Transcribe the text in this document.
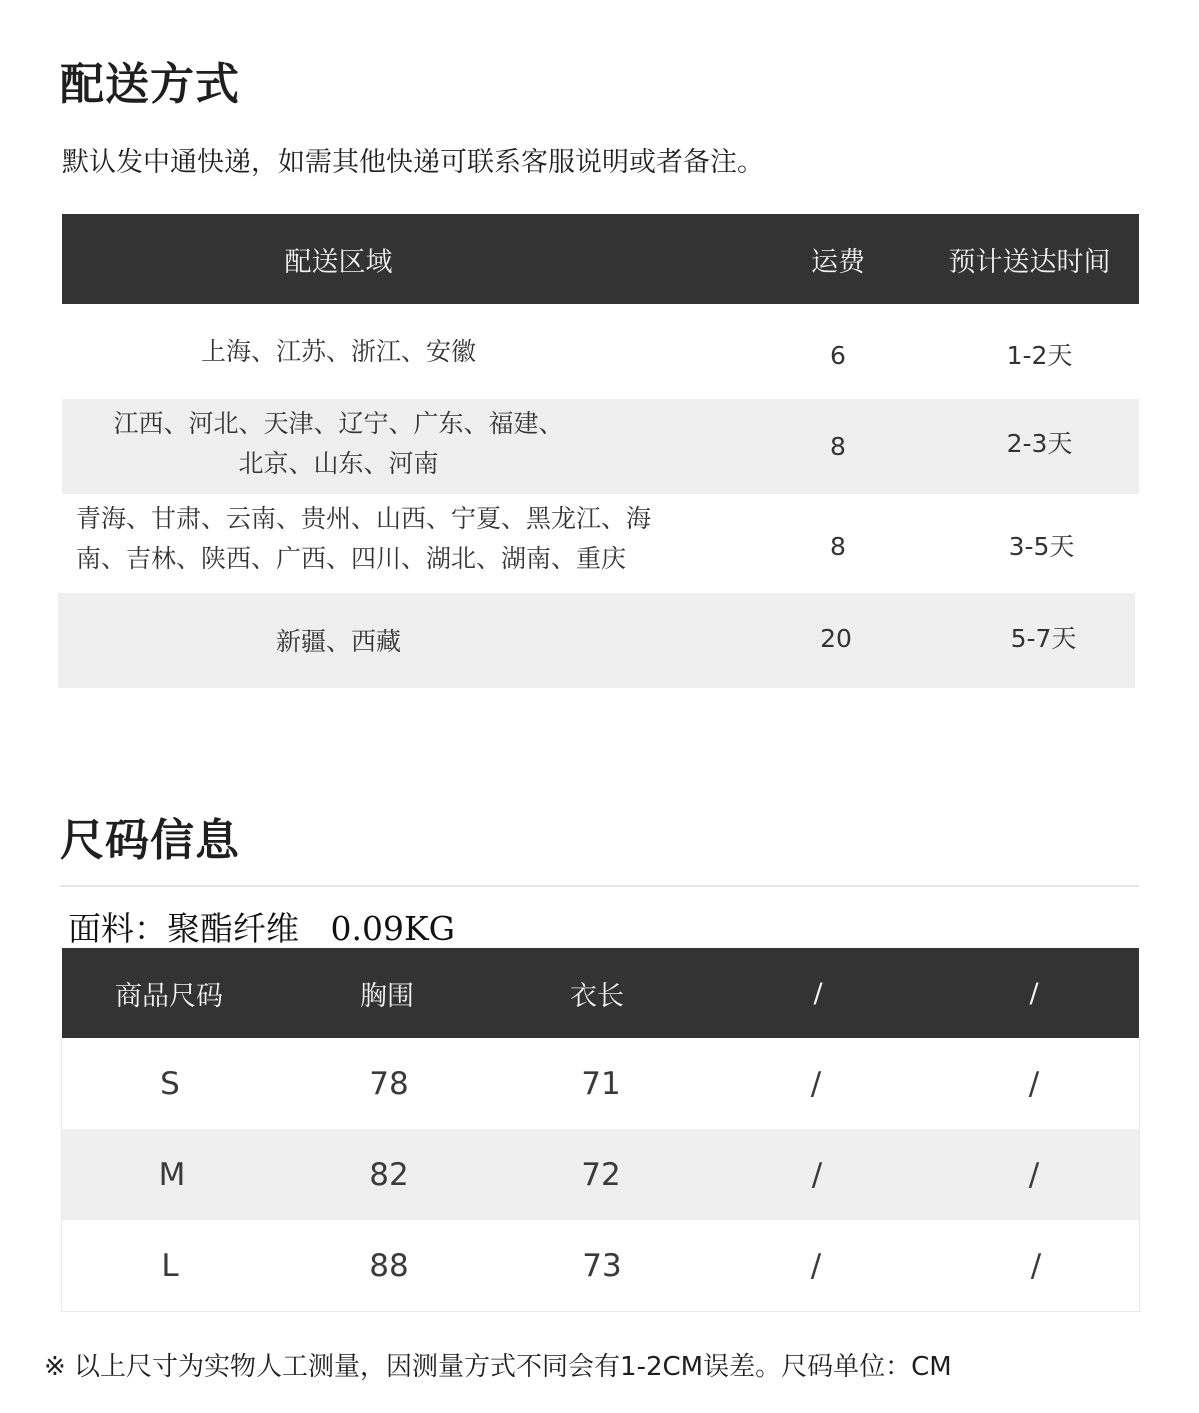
配送方式
默认发中通快递，如需其他快递可联系客服说明或者备注。
配送区域	运费	预计送达时间
上海、江苏、浙江、安徽	6	1-2天
江西、河北、天津、辽宁、广东、福建、
北京、山东、河南
8	2-3天
青海、甘肃、云南、贵州、山西、宁夏、黑龙江、海
南、吉林、陕西、广西、四川、湖北、湖南、重庆	8	3-5天
新疆、西藏	20	5-7天
尺码信息
面料：聚酯纤维   0.09KG
商品尺码	胸围	衣长	/	/
S	78	71	/	/
M	82	72	/	/
L	88	73	/	/
※ 以上尺寸为实物人工测量，因测量方式不同会有1-2CM误差。尺码单位：CM
